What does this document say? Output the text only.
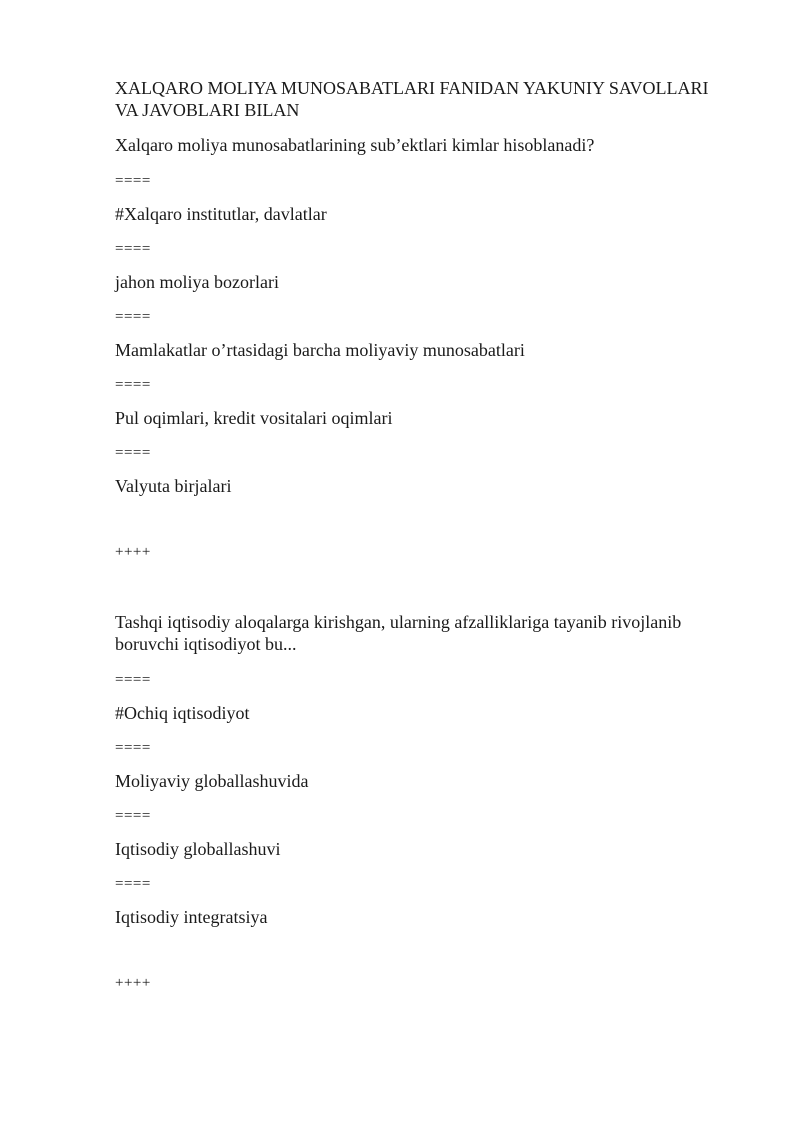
XALQARO MOLIYA MUNOSABATLARI FANIDAN YAKUNIY SAVOLLARI VA JAVOBLARI BILAN
Xalqaro moliya munosabatlarining sub’ektlari kimlar hisoblanadi?
====
#Xalqaro institutlar, davlatlar
====
jahon moliya bozorlari
====
Mamlakatlar o’rtasidagi barcha moliyaviy munosabatlari
====
Pul oqimlari, kredit vositalari oqimlari
====
Valyuta birjalari
++++
Tashqi iqtisodiy aloqalarga kirishgan, ularning afzalliklariga tayanib rivojlanib boruvchi iqtisodiyot bu...
====
#Ochiq iqtisodiyot
====
Moliyaviy globallashuvida
====
Iqtisodiy globallashuvi
====
Iqtisodiy integratsiya
++++
